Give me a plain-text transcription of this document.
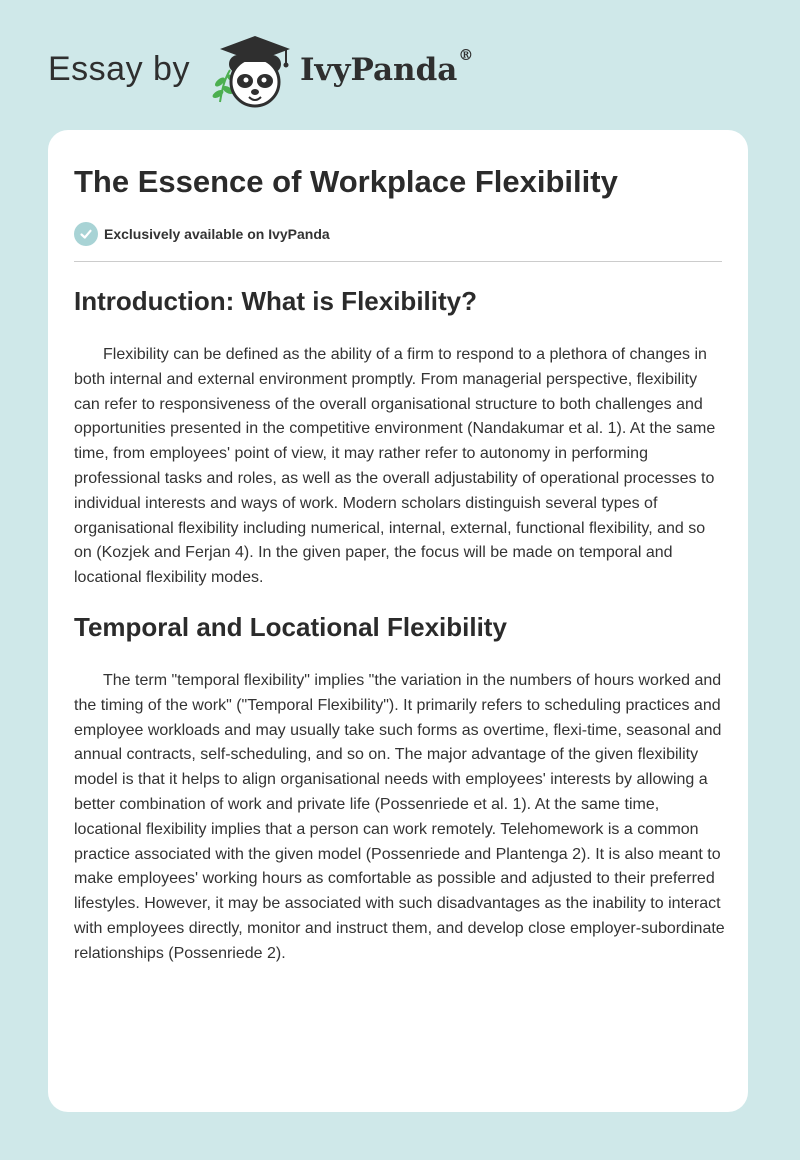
Essay by	IvyPanda®
The Essence of Workplace Flexibility
Exclusively available on IvyPanda
Introduction: What is Flexibility?

Flexibility can be defined as the ability of a firm to respond to a plethora of changes in both internal and external environment promptly. From managerial perspective, flexibility can refer to responsiveness of the overall organisational structure to both challenges and opportunities presented in the competitive environment (Nandakumar et al. 1). At the same time, from employees' point of view, it may rather refer to autonomy in performing professional tasks and roles, as well as the overall adjustability of operational processes to individual interests and ways of work. Modern scholars distinguish several types of organisational flexibility including numerical, internal, external, functional flexibility, and so on (Kozjek and Ferjan 4). In the given paper, the focus will be made on temporal and locational flexibility modes.

Temporal and Locational Flexibility

The term "temporal flexibility" implies "the variation in the numbers of hours worked and the timing of the work" ("Temporal Flexibility"). It primarily refers to scheduling practices and employee workloads and may usually take such forms as overtime, flexi-time, seasonal and annual contracts, self-scheduling, and so on. The major advantage of the given flexibility model is that it helps to align organisational needs with employees' interests by allowing a better combination of work and private life (Possenriede et al. 1). At the same time, locational flexibility implies that a person can work remotely. Telehomework is a common practice associated with the given model (Possenriede and Plantenga 2). It is also meant to make employees' working hours as comfortable as possible and adjusted to their preferred lifestyles. However, it may be associated with such disadvantages as the inability to interact with employees directly, monitor and instruct them, and develop close employer-subordinate relationships (Possenriede 2).
